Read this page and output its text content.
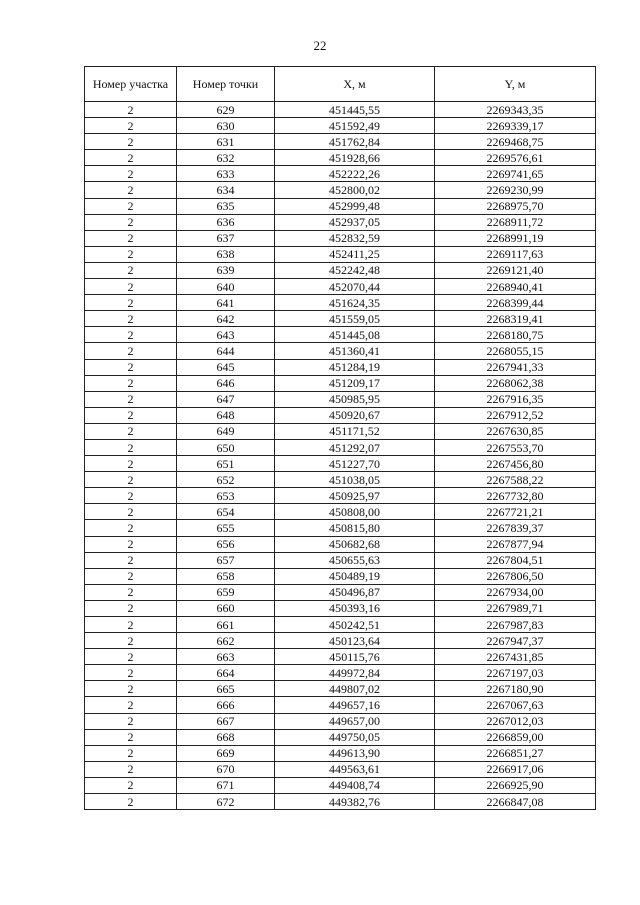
22
Номер участка	Номер точки	X, м	Y, м
2	629	451445,55	2269343,35
2	630	451592,49	2269339,17
2	631	451762,84	2269468,75
2	632	451928,66	2269576,61
2	633	452222,26	2269741,65
2	634	452800,02	2269230,99
2	635	452999,48	2268975,70
2	636	452937,05	2268911,72
2	637	452832,59	2268991,19
2	638	452411,25	2269117,63
2	639	452242,48	2269121,40
2	640	452070,44	2268940,41
2	641	451624,35	2268399,44
2	642	451559,05	2268319,41
2	643	451445,08	2268180,75
2	644	451360,41	2268055,15
2	645	451284,19	2267941,33
2	646	451209,17	2268062,38
2	647	450985,95	2267916,35
2	648	450920,67	2267912,52
2	649	451171,52	2267630,85
2	650	451292,07	2267553,70
2	651	451227,70	2267456,80
2	652	451038,05	2267588,22
2	653	450925,97	2267732,80
2	654	450808,00	2267721,21
2	655	450815,80	2267839,37
2	656	450682,68	2267877,94
2	657	450655,63	2267804,51
2	658	450489,19	2267806,50
2	659	450496,87	2267934,00
2	660	450393,16	2267989,71
2	661	450242,51	2267987,83
2	662	450123,64	2267947,37
2	663	450115,76	2267431,85
2	664	449972,84	2267197,03
2	665	449807,02	2267180,90
2	666	449657,16	2267067,63
2	667	449657,00	2267012,03
2	668	449750,05	2266859,00
2	669	449613,90	2266851,27
2	670	449563,61	2266917,06
2	671	449408,74	2266925,90
2	672	449382,76	2266847,08
